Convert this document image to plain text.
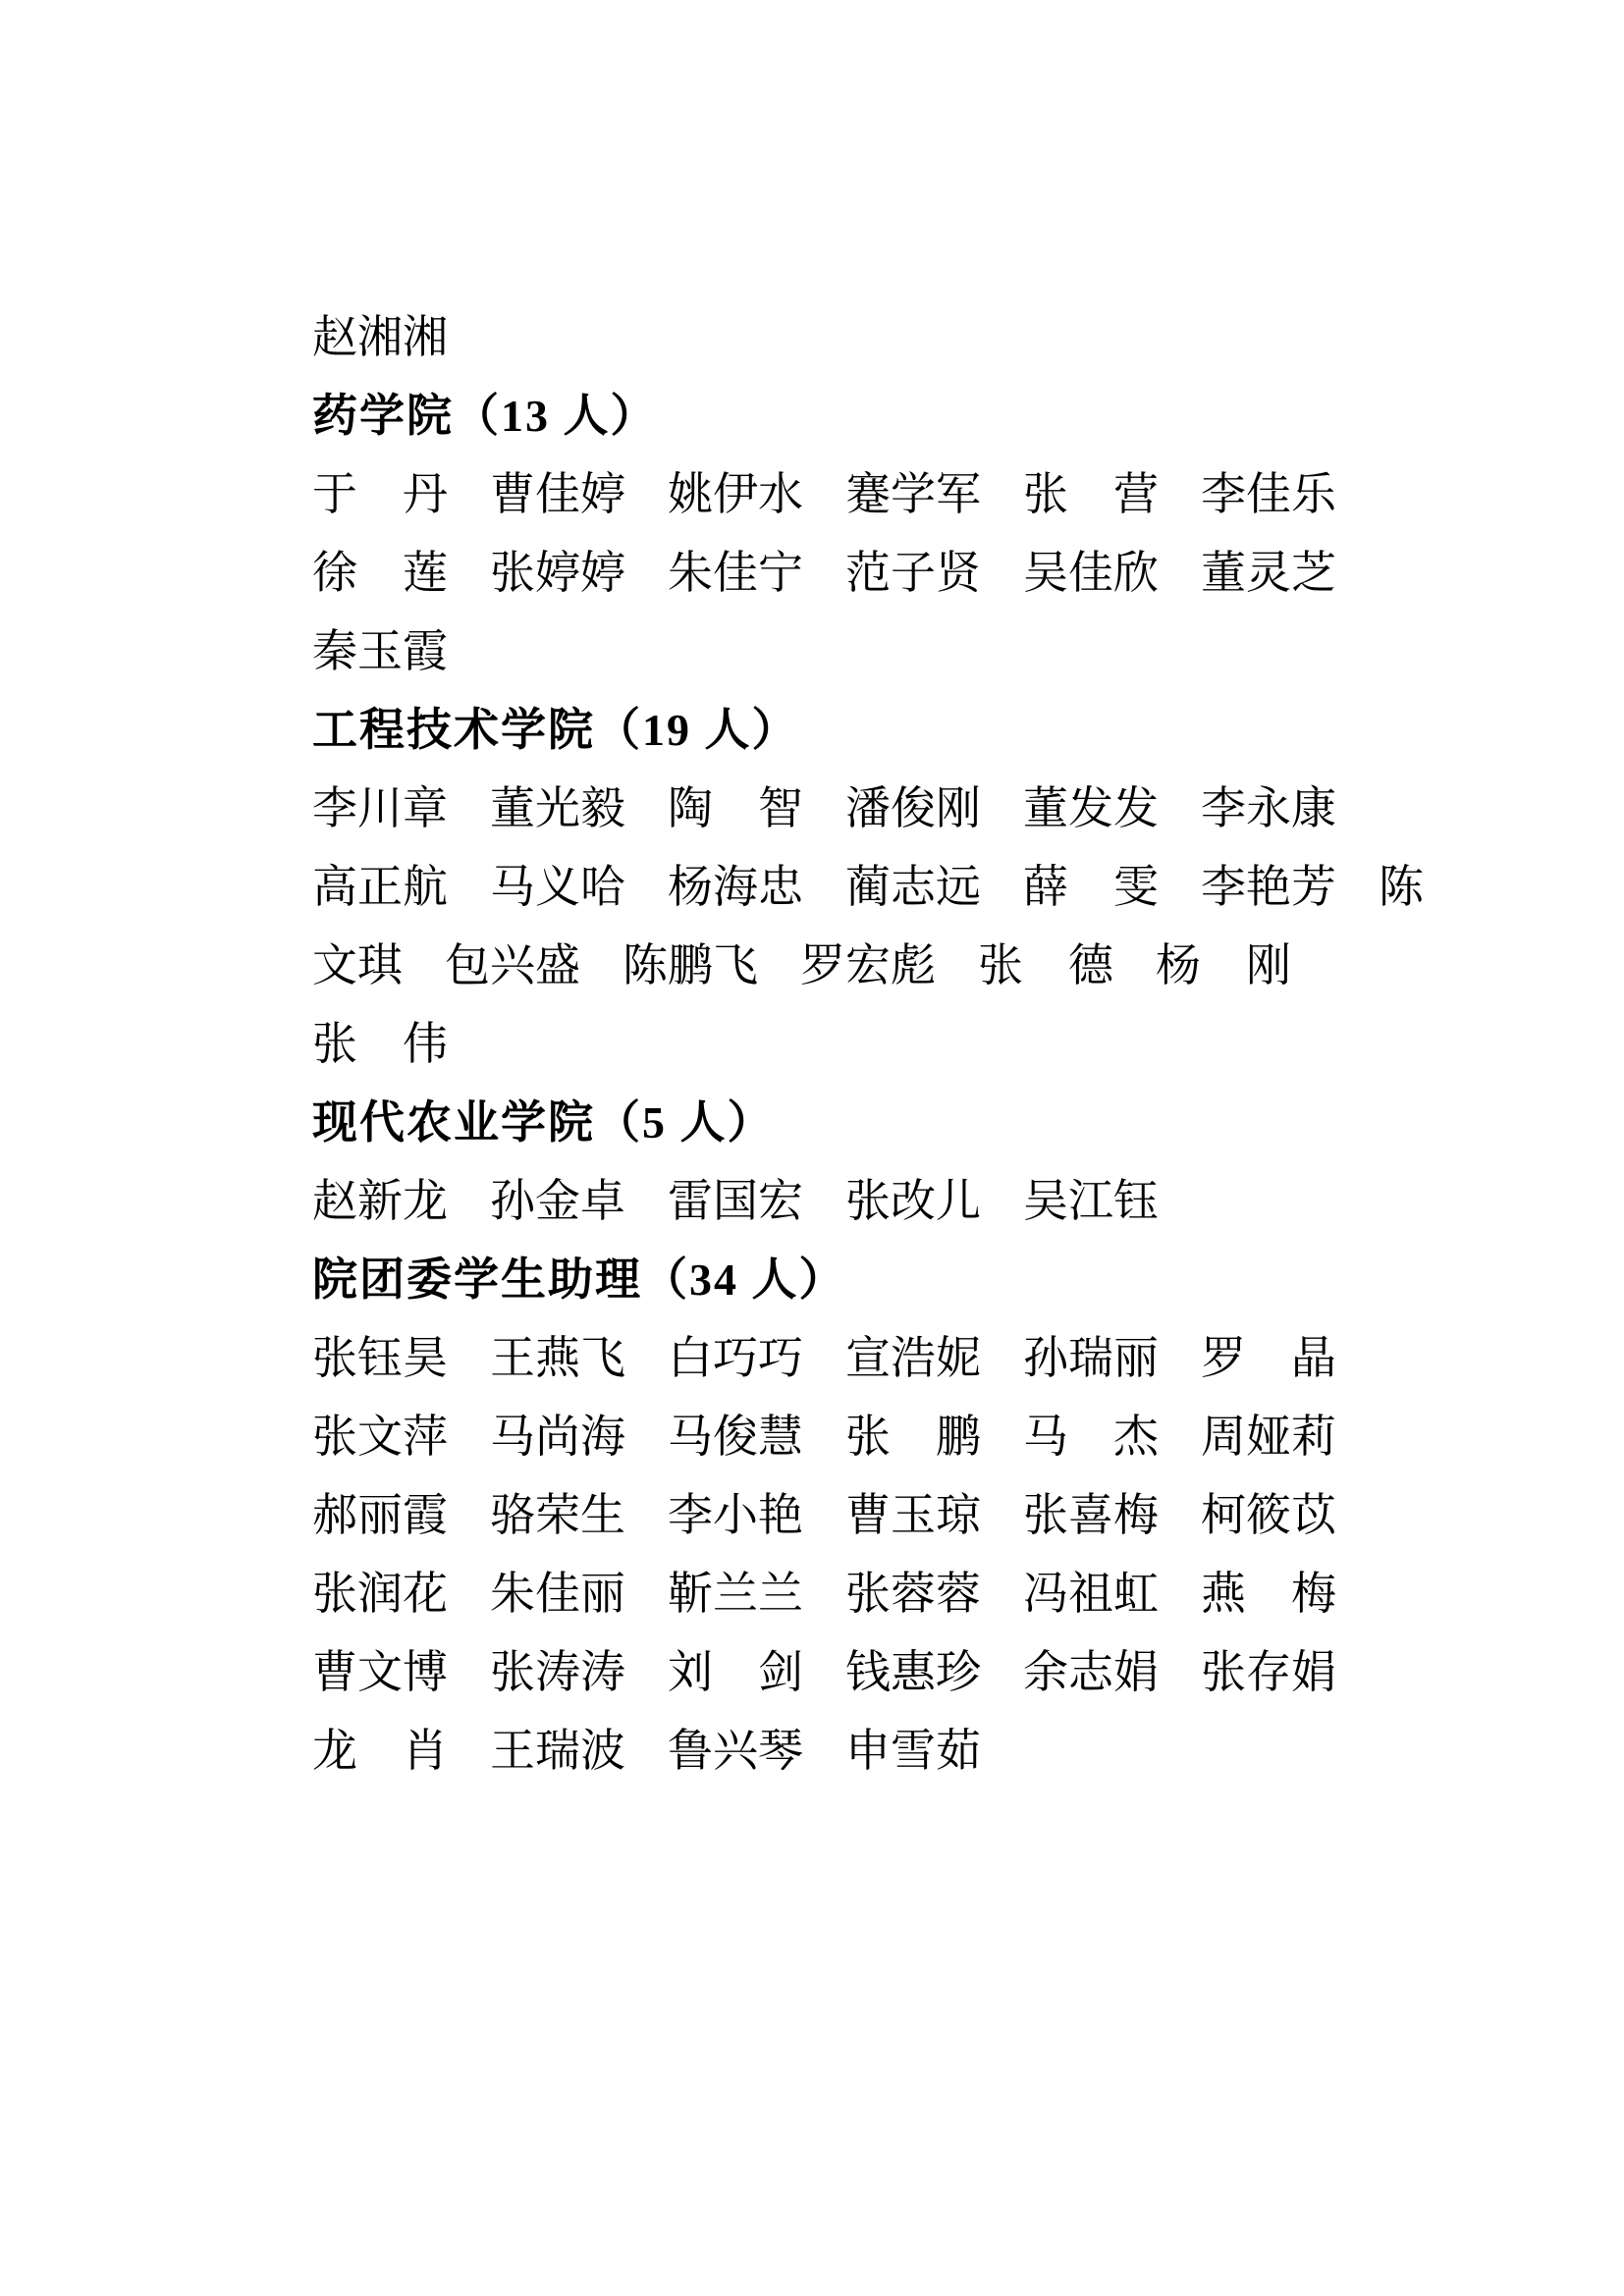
赵湘湘
药学院（13 人）
于　丹 曹佳婷 姚伊水 蹇学军 张　营 李佳乐
徐　莲 张婷婷 朱佳宁 范子贤 吴佳欣 董灵芝
秦玉霞
工程技术学院（19 人）
李川章 董光毅 陶　智 潘俊刚 董发发 李永康
高正航 马义哈 杨海忠 蔺志远 薛　雯 李艳芳 陈
文琪 包兴盛 陈鹏飞 罗宏彪 张　德 杨　刚
张　伟
现代农业学院（5 人）
赵新龙 孙金卓 雷国宏 张改儿 吴江钰
院团委学生助理（34 人）
张钰昊 王燕飞 白巧巧 宣浩妮 孙瑞丽 罗　晶
张文萍 马尚海 马俊慧 张　鹏 马　杰 周娅莉
郝丽霞 骆荣生 李小艳 曹玉琼 张喜梅 柯筱苡
张润花 朱佳丽 靳兰兰 张蓉蓉 冯祖虹 燕　梅
曹文博 张涛涛 刘　剑 钱惠珍 余志娟 张存娟
龙　肖 王瑞波 鲁兴琴 申雪茹
